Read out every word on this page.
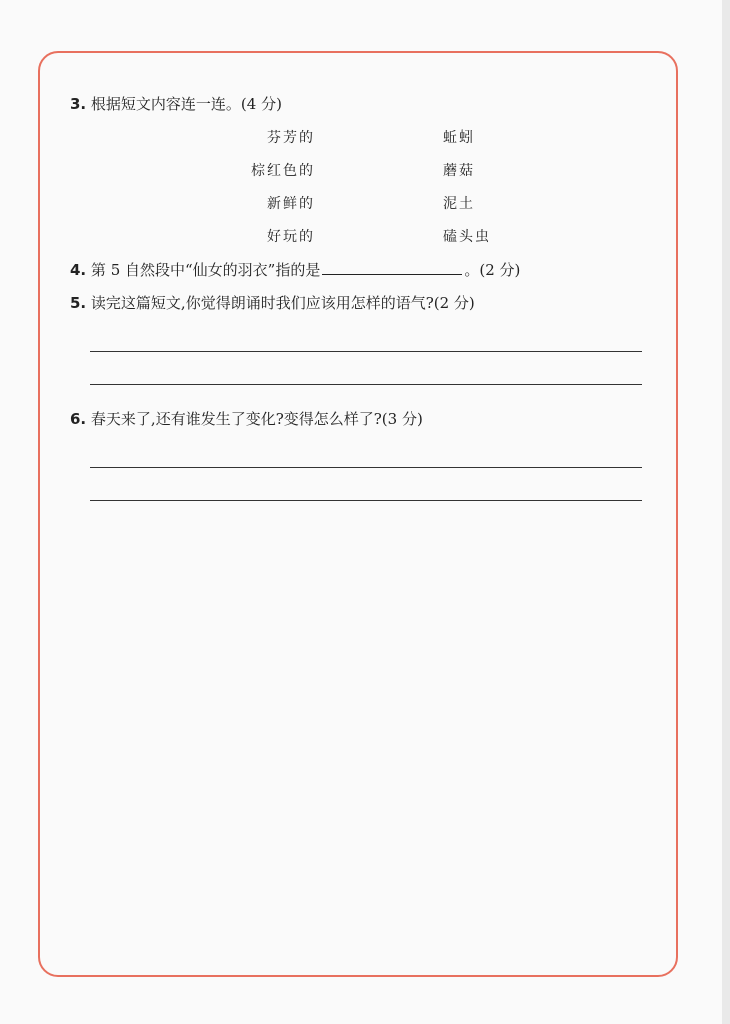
3. 根据短文内容连一连。(4 分)
芬芳的
棕红色的
新鲜的
好玩的
蚯蚓
蘑菇
泥土
磕头虫
4. 第 5 自然段中“仙女的羽衣”指的是	。(2 分)
5. 读完这篇短文,你觉得朗诵时我们应该用怎样的语气?(2 分)
6. 春天来了,还有谁发生了变化?变得怎么样了?(3 分)
